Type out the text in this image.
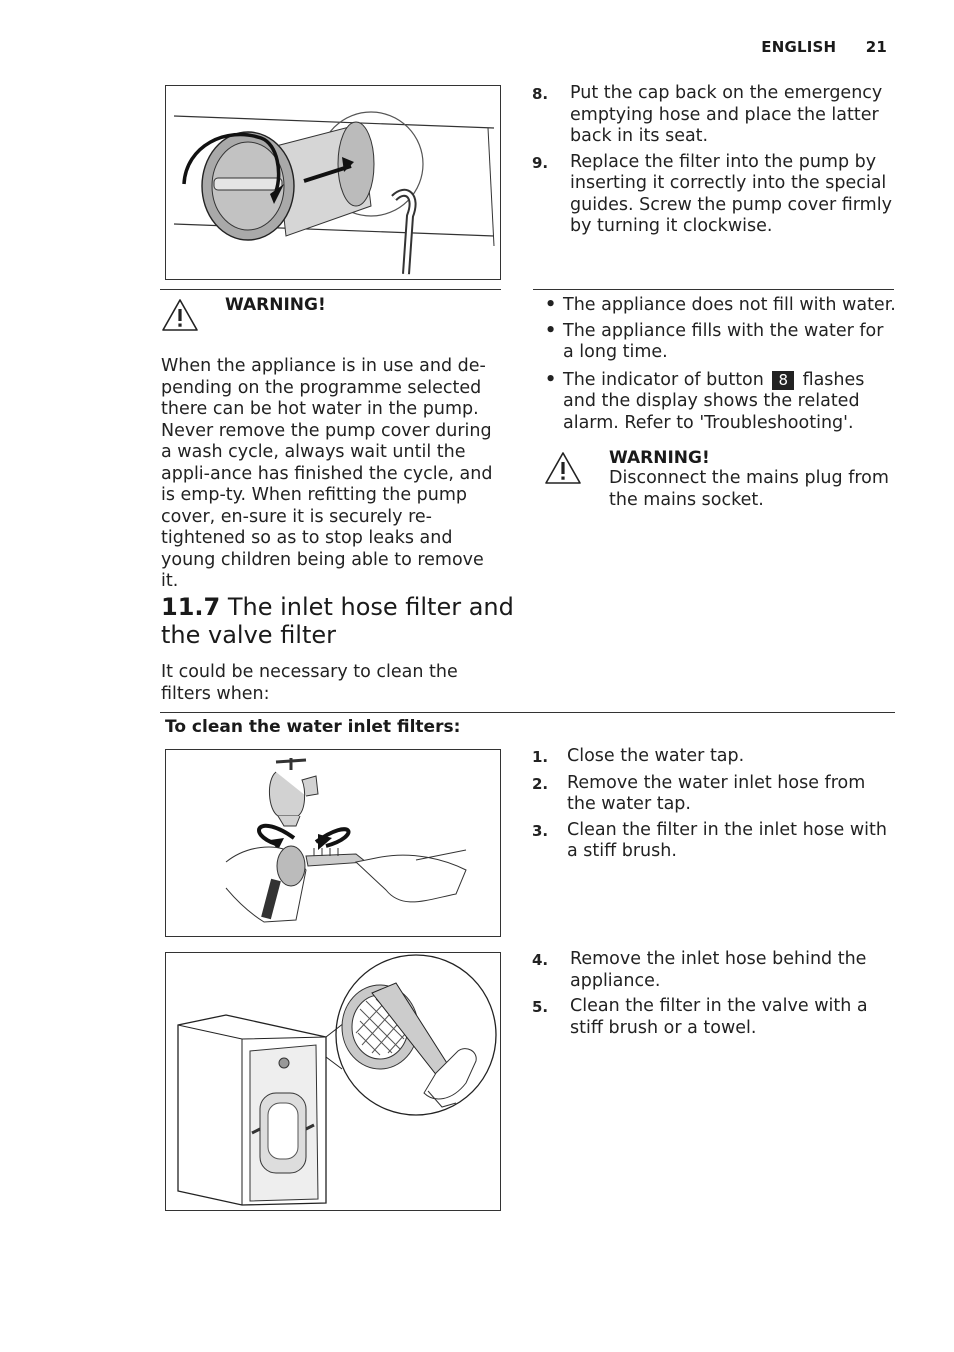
ENGLISH 21
8.	Put the cap back on the emergency emptying hose and place the latter back in its seat.
9.	Replace the filter into the pump by inserting it correctly into the special guides. Screw the pump cover firmly by turning it clockwise.
WARNING!
When the appliance is in use and de-pending on the programme selected there can be hot water in the pump. Never remove the pump cover during a wash cycle, always wait until the appli-ance has finished the cycle, and is emp-ty. When refitting the pump cover, en-sure it is securely re-tightened so as to stop leaks and young children being able to remove it.
• The appliance does not fill with water.
• The appliance fills with the water for a long time.
• The indicator of button 8 flashes and the display shows the related alarm. Refer to 'Troubleshooting'.
WARNING!
Disconnect the mains plug from the mains socket.
11.7 The inlet hose filter and the valve filter
It could be necessary to clean the filters when:
To clean the water inlet filters:
1.	Close the water tap.
2.	Remove the water inlet hose from the water tap.
3.	Clean the filter in the inlet hose with a stiff brush.
4.	Remove the inlet hose behind the appliance.
5.	Clean the filter in the valve with a stiff brush or a towel.
